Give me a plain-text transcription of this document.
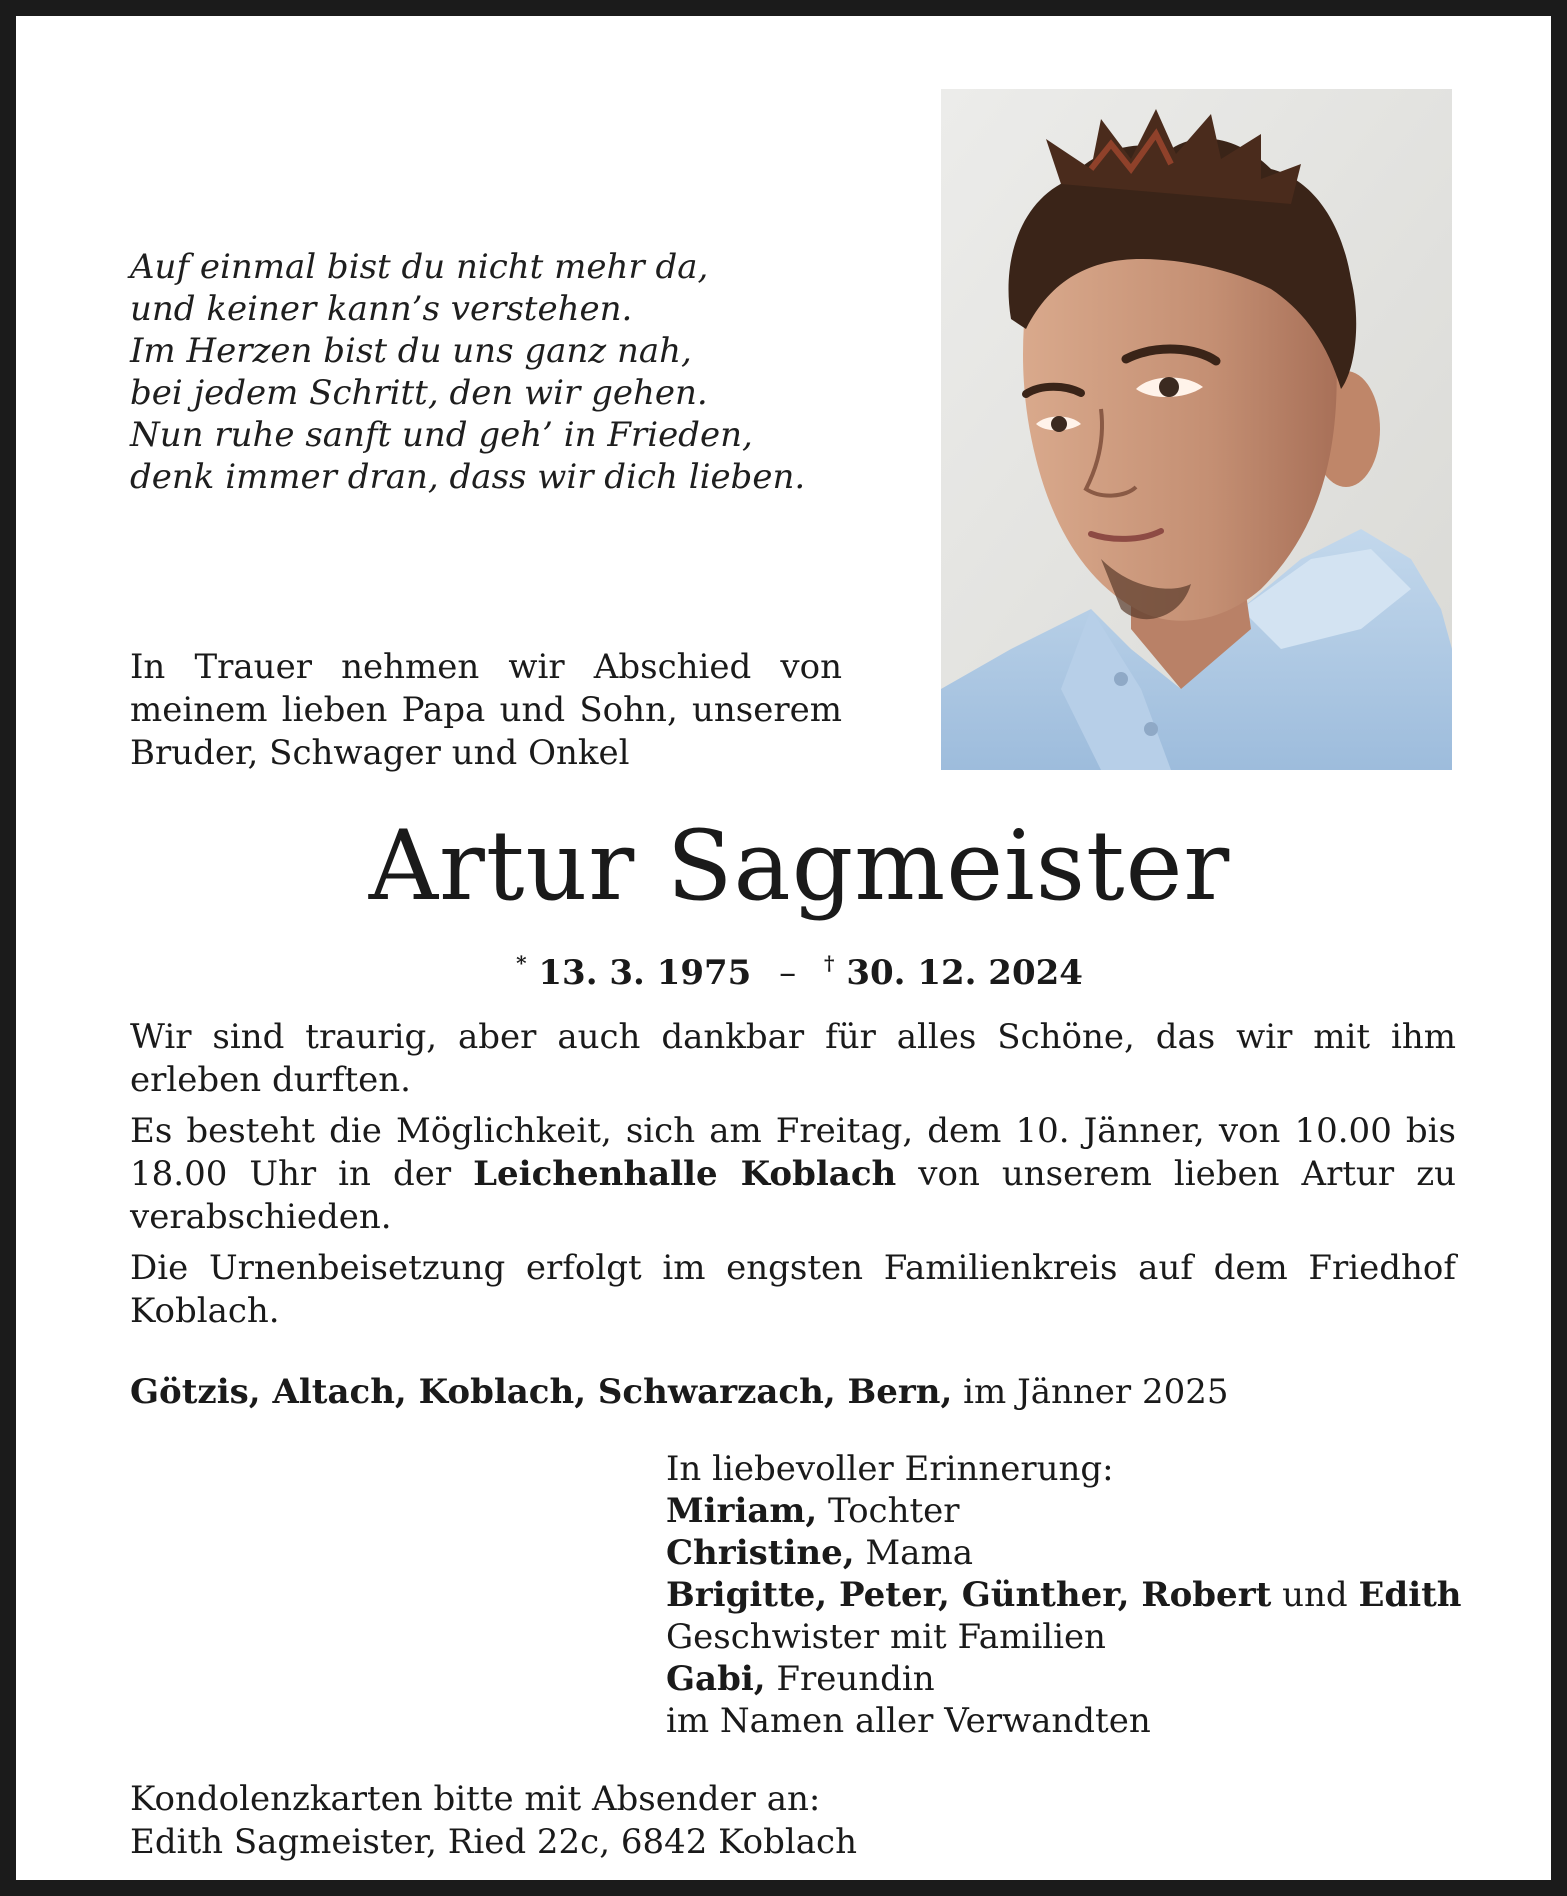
Auf einmal bist du nicht mehr da,
und keiner kann’s verstehen.
Im Herzen bist du uns ganz nah,
bei jedem Schritt, den wir gehen.
Nun ruhe sanft und geh’ in Frieden,
denk immer dran, dass wir dich lieben.
In Trauer nehmen wir Abschied von meinem lieben Papa und Sohn, unserem Bruder, Schwager und Onkel
Artur Sagmeister
* 13. 3. 1975 – † 30. 12. 2024

Wir sind traurig, aber auch dankbar für alles Schöne, das wir mit ihm erleben durften.

Es besteht die Möglichkeit, sich am Freitag, dem 10. Jänner, von 10.00 bis 18.00 Uhr in der Leichenhalle Koblach von unserem lieben Artur zu verabschieden.

Die Urnenbeisetzung erfolgt im engsten Familienkreis auf dem Friedhof Koblach.

Götzis, Altach, Koblach, Schwarzach, Bern, im Jänner 2025
In liebevoller Erinnerung:
Miriam, Tochter
Christine, Mama
Brigitte, Peter, Günther, Robert und Edith
Geschwister mit Familien
Gabi, Freundin
im Namen aller Verwandten
Kondolenzkarten bitte mit Absender an:
Edith Sagmeister, Ried 22c, 6842 Koblach
